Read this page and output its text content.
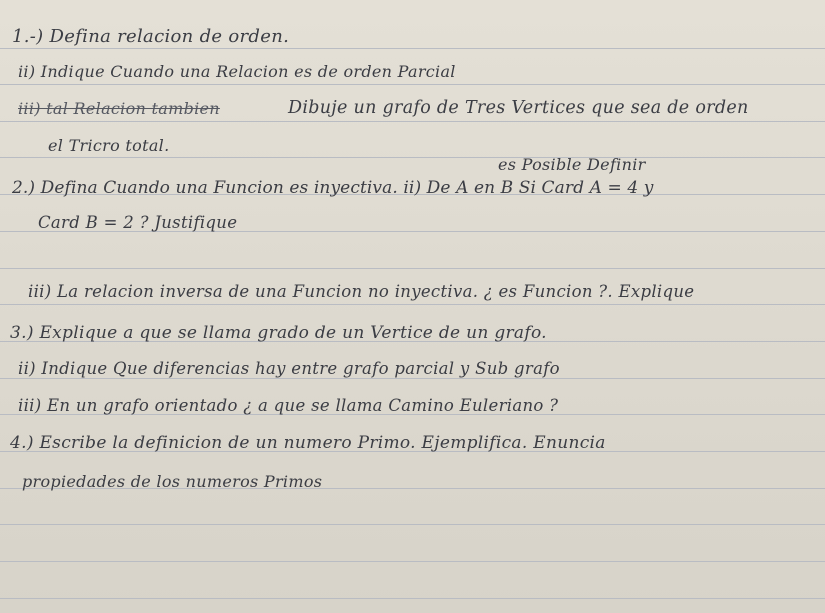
1.-) Defina relacion de orden.
ii) Indique Cuando una Relacion es de orden Parcial
iii) tal Relacion tambien	Dibuje un grafo de Tres Vertices que sea de orden
el Tricro total.
es Posible Definir
2.) Defina Cuando una Funcion es inyectiva. ii) De A en B Si Card A = 4 y
Card B = 2 ? Justifique
iii) La relacion inversa de una Funcion no inyectiva. ¿ es Funcion ?. Explique
3.) Explique a que se llama grado de un Vertice de un grafo.
ii) Indique Que diferencias hay entre grafo parcial y Sub grafo
iii) En un grafo orientado ¿ a que se llama Camino Euleriano ?
4.) Escribe la definicion de un numero Primo. Ejemplifica. Enuncia
propiedades de los numeros Primos
